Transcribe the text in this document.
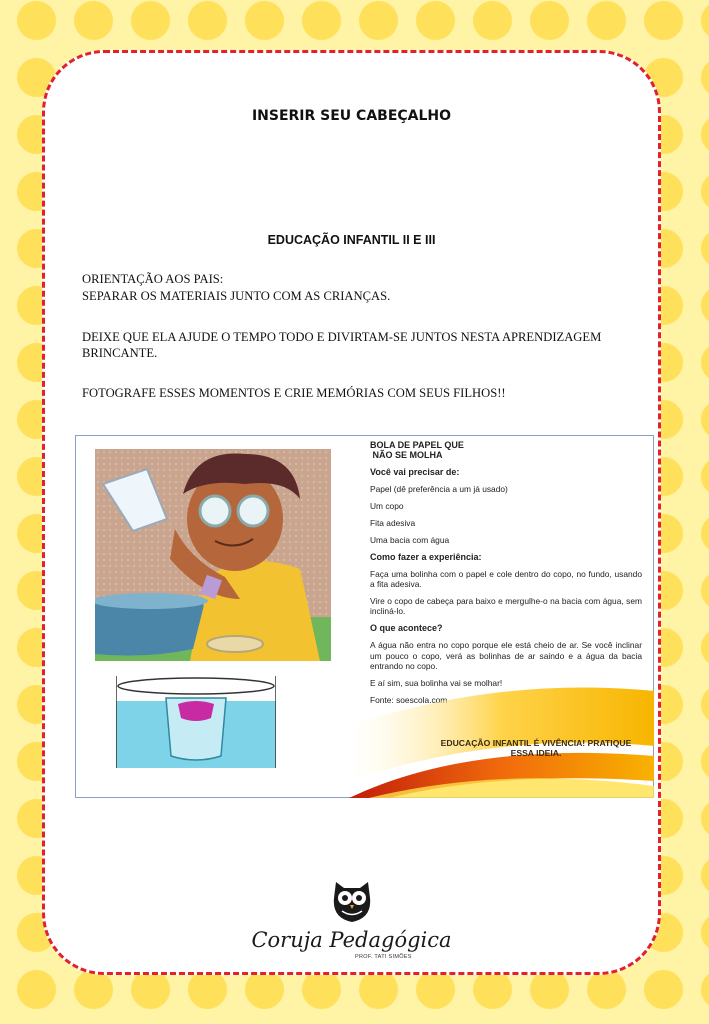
INSERIR SEU CABEÇALHO
EDUCAÇÃO INFANTIL II E III
ORIENTAÇÃO AOS PAIS:
SEPARAR OS MATERIAIS JUNTO COM AS CRIANÇAS.
DEIXE QUE ELA AJUDE O TEMPO TODO E DIVIRTAM-SE JUNTOS NESTA APRENDIZAGEM BRINCANTE.
FOTOGRAFE ESSES MOMENTOS E CRIE MEMÓRIAS COM SEUS FILHOS!!

BOLA DE PAPEL QUE

NÃO SE MOLHA

Você vai precisar de:

Papel (dê preferência a um já usado)

Um copo

Fita adesiva

Uma bacia com água

Como fazer a experiência:

Faça uma bolinha com o papel e cole dentro do copo, no fundo, usando a fita adesiva.

Vire o copo de cabeça para baixo e mergulhe-o na bacia com água, sem incliná-lo.

O que acontece?

A água não entra no copo porque ele está cheio de ar. Se você inclinar um pouco o copo, verá as bolinhas de ar saindo e a água da bacia entrando no copo.

E aí sim, sua bolinha vai se molhar!

Fonte: soescola.com

EDUCAÇÃO INFANTIL É VIVÊNCIA! PRATIQUE
ESSA IDEIA.
Coruja Pedagógica
PROF. TATI SIMÕES
